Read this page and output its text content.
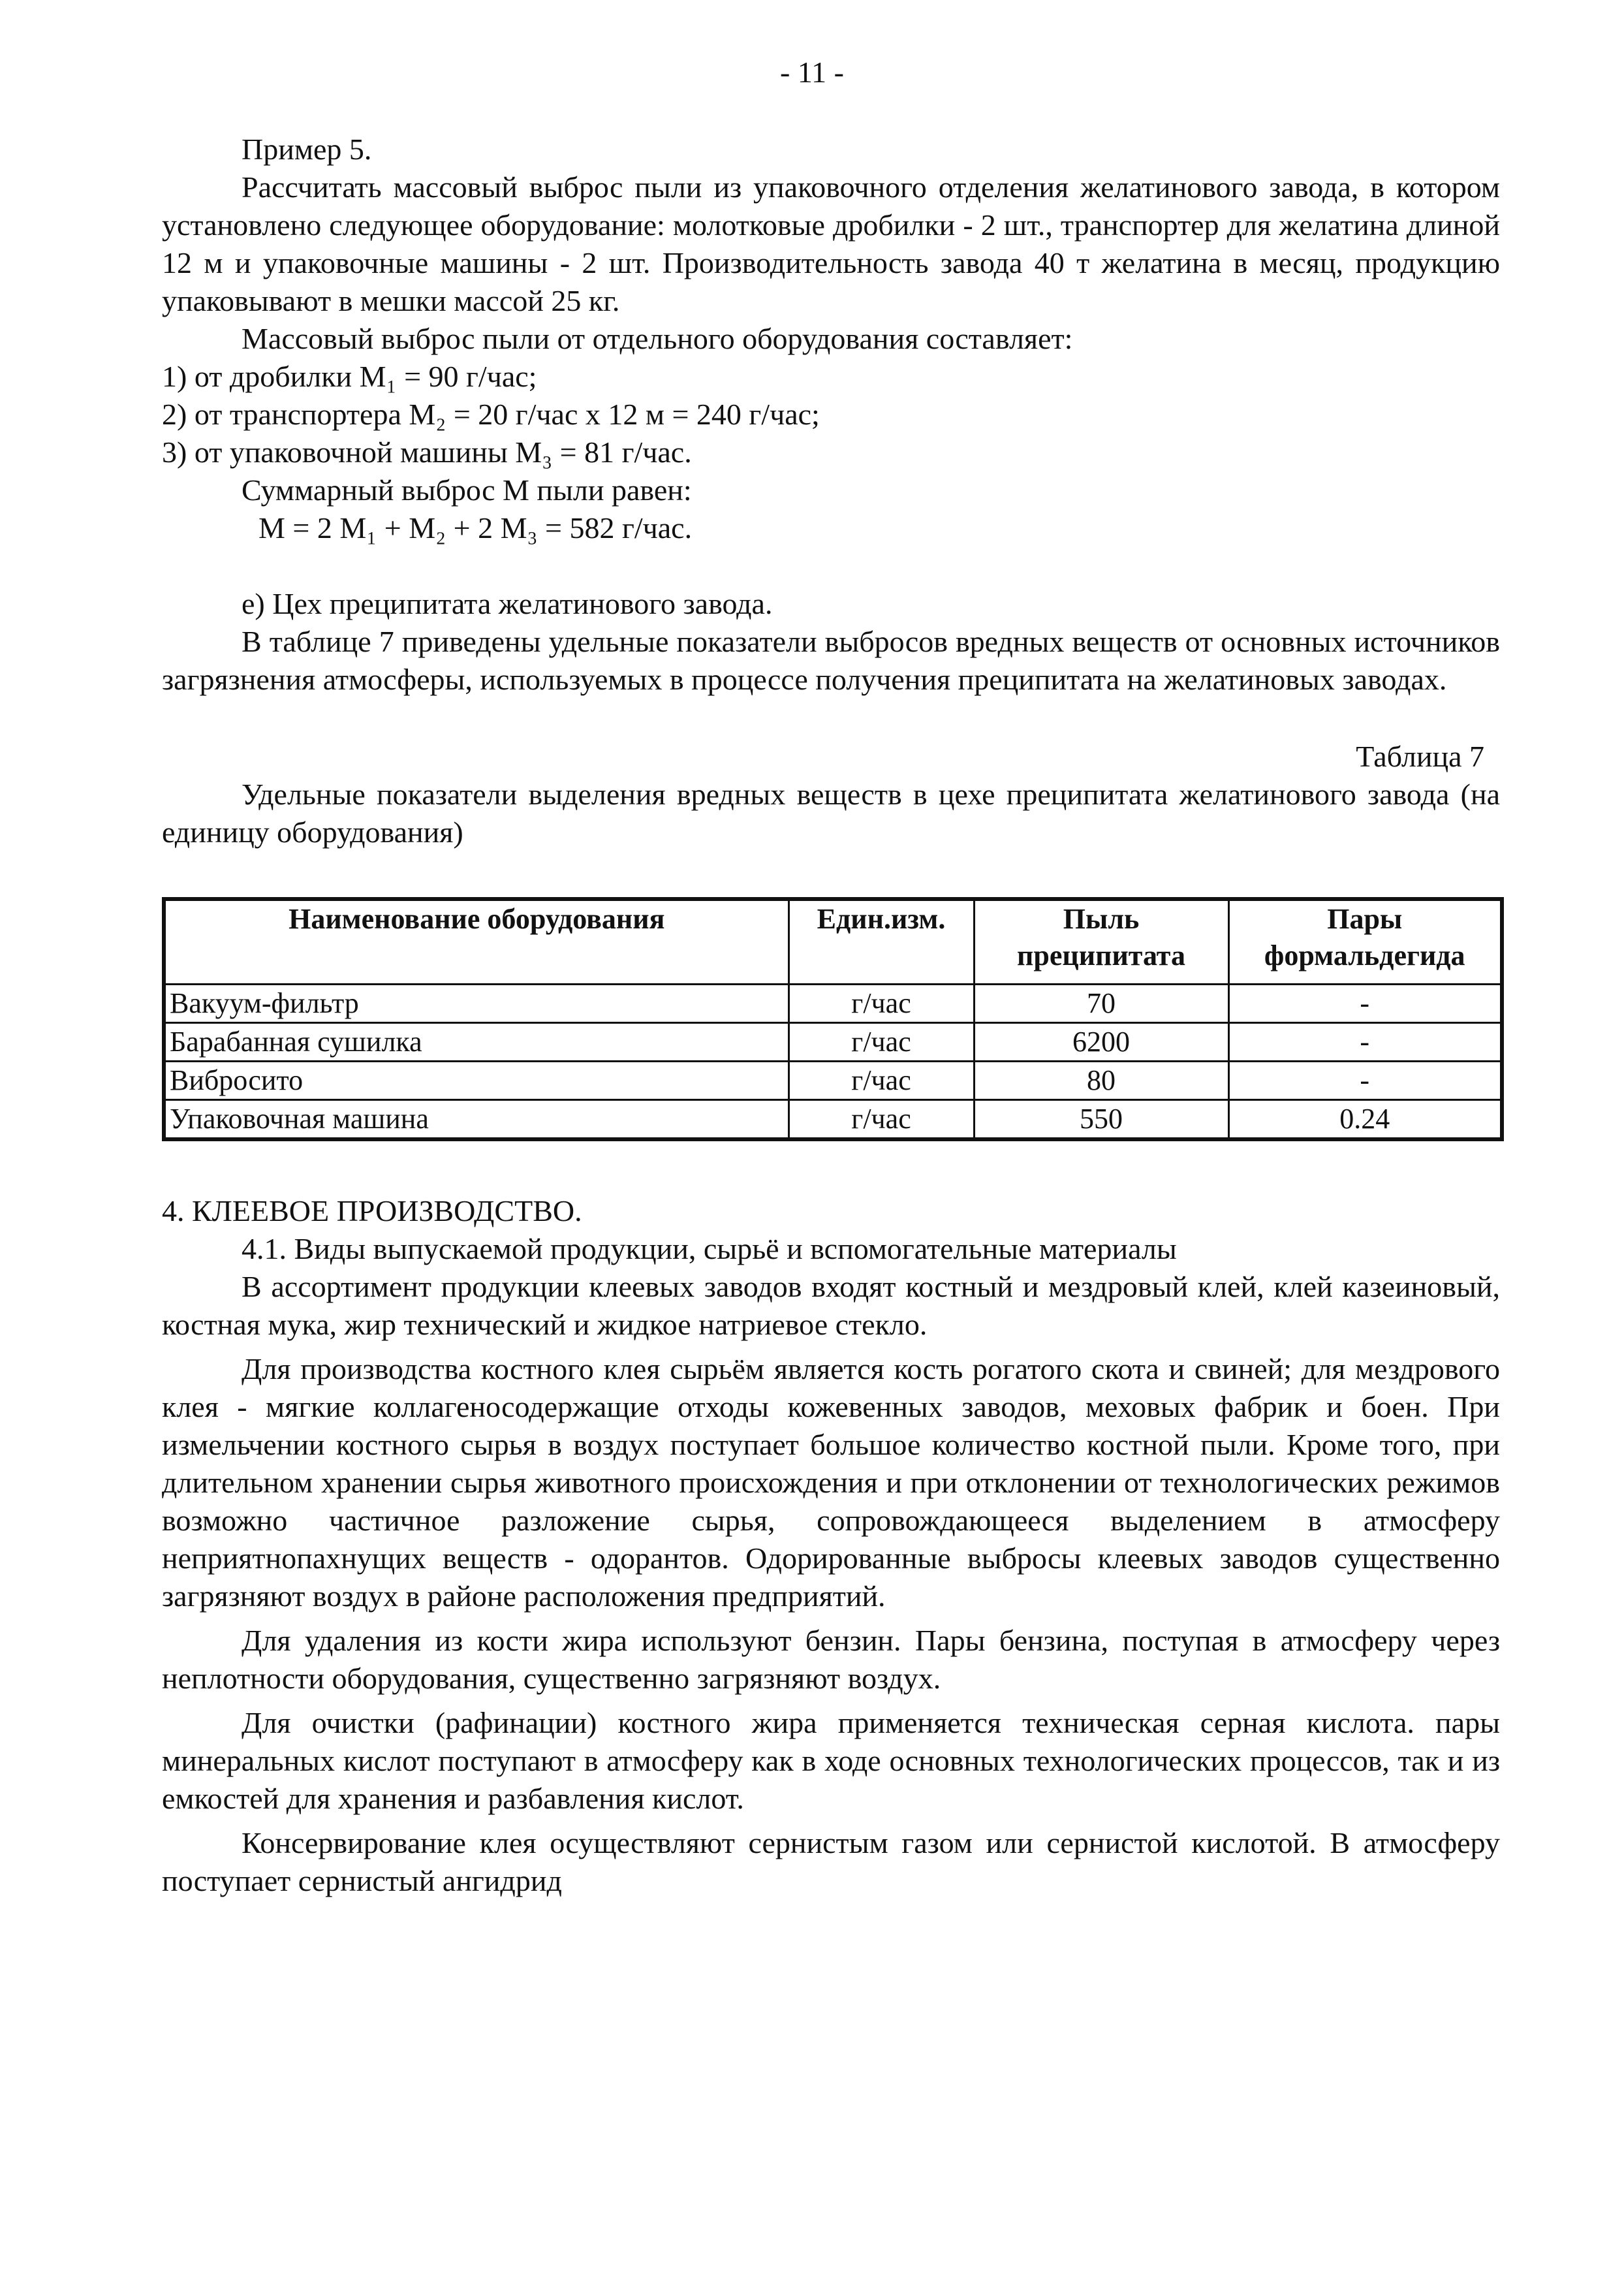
- 11 -

Пример 5.

Рассчитать массовый выброс пыли из упаковочного отделения желатинового завода, в котором установлено следующее оборудование: молотковые дробилки - 2 шт., транспортер для желатина длиной 12 м и упаковочные машины - 2 шт. Производительность завода 40 т желатина в месяц, продукцию упаковывают в мешки массой 25 кг.

Массовый выброс пыли от отдельного оборудования составляет:

1) от дробилки M₁ = 90 г/час;

2) от транспортера M₂ = 20 г/час х 12 м = 240 г/час;

3) от упаковочной машины M₃ = 81 г/час.

Суммарный выброс M пыли равен:

M = 2 M₁ + M₂ + 2 M₃ = 582 г/час.

е) Цех преципитата желатинового завода.

В таблице 7 приведены удельные показатели выбросов вредных веществ от основных источников загрязнения атмосферы, используемых в процессе получения преципитата на желатиновых заводах.

Таблица 7

Удельные показатели выделения вредных веществ в цехе преципитата желатинового завода (на единицу оборудования)

Наименование оборудования	Един.изм.	Пыль преципитата	Пары формальдегида
Вакуум-фильтр	г/час	70	-
Барабанная сушилка	г/час	6200	-
Вибросито	г/час	80	-
Упаковочная машина	г/час	550	0.24

4. КЛЕЕВОЕ ПРОИЗВОДСТВО.

4.1. Виды выпускаемой продукции, сырьё и вспомогательные материалы

В ассортимент продукции клеевых заводов входят костный и мездровый клей, клей казеиновый, костная мука, жир технический и жидкое натриевое стекло.

Для производства костного клея сырьём является кость рогатого скота и свиней; для мездрового клея - мягкие коллагеносодержащие отходы кожевенных заводов, меховых фабрик и боен. При измельчении костного сырья в воздух поступает большое количество костной пыли. Кроме того, при длительном хранении сырья животного происхождения и при отклонении от технологических режимов возможно частичное разложение сырья, сопровождающееся выделением в атмосферу неприятнопахнущих веществ - одорантов. Одорированные выбросы клеевых заводов существенно загрязняют воздух в районе расположения предприятий.

Для удаления из кости жира используют бензин. Пары бензина, поступая в атмосферу через неплотности оборудования, существенно загрязняют воздух.

Для очистки (рафинации) костного жира применяется техническая серная кислота. пары минеральных кислот поступают в атмосферу как в ходе основных технологических процессов, так и из емкостей для хранения и разбавления кислот.

Консервирование клея осуществляют сернистым газом или сернистой кислотой. В атмосферу поступает сернистый ангидрид
